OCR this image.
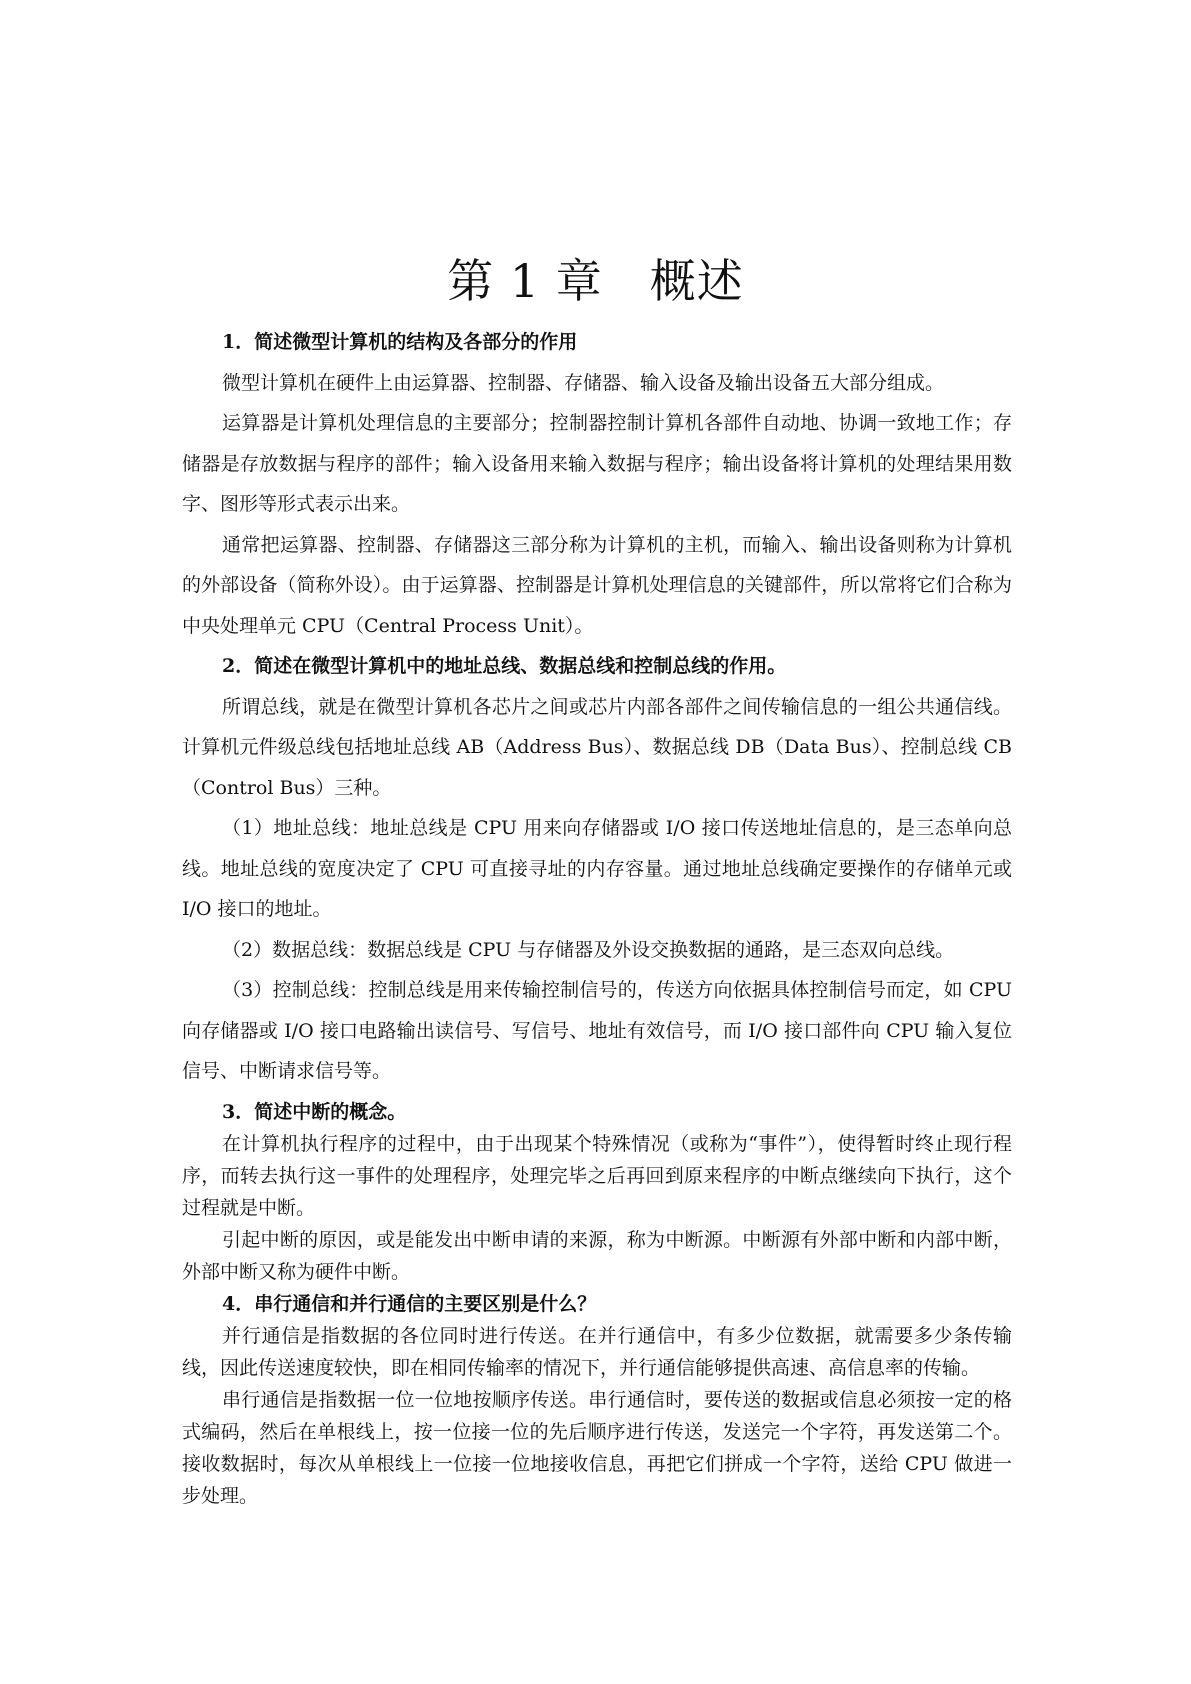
第 1 章　概述

1．简述微型计算机的结构及各部分的作用

微型计算机在硬件上由运算器、控制器、存储器、输入设备及输出设备五大部分组成。

运算器是计算机处理信息的主要部分；控制器控制计算机各部件自动地、协调一致地工作；存储器是存放数据与程序的部件；输入设备用来输入数据与程序；输出设备将计算机的处理结果用数字、图形等形式表示出来。

通常把运算器、控制器、存储器这三部分称为计算机的主机，而输入、输出设备则称为计算机的外部设备（简称外设）。由于运算器、控制器是计算机处理信息的关键部件，所以常将它们合称为中央处理单元 CPU（Central Process Unit）。

2．简述在微型计算机中的地址总线、数据总线和控制总线的作用。

所谓总线，就是在微型计算机各芯片之间或芯片内部各部件之间传输信息的一组公共通信线。计算机元件级总线包括地址总线 AB（Address Bus）、数据总线 DB（Data Bus）、控制总线 CB（Control Bus）三种。

（1）地址总线：地址总线是 CPU 用来向存储器或 I/O 接口传送地址信息的，是三态单向总线。地址总线的宽度决定了 CPU 可直接寻址的内存容量。通过地址总线确定要操作的存储单元或 I/O 接口的地址。

（2）数据总线：数据总线是 CPU 与存储器及外设交换数据的通路，是三态双向总线。

（3）控制总线：控制总线是用来传输控制信号的，传送方向依据具体控制信号而定，如 CPU 向存储器或 I/O 接口电路输出读信号、写信号、地址有效信号，而 I/O 接口部件向 CPU 输入复位信号、中断请求信号等。

3．简述中断的概念。

在计算机执行程序的过程中，由于出现某个特殊情况（或称为“事件”），使得暂时终止现行程序，而转去执行这一事件的处理程序，处理完毕之后再回到原来程序的中断点继续向下执行，这个过程就是中断。

引起中断的原因，或是能发出中断申请的来源，称为中断源。中断源有外部中断和内部中断，外部中断又称为硬件中断。

4．串行通信和并行通信的主要区别是什么？

并行通信是指数据的各位同时进行传送。在并行通信中，有多少位数据，就需要多少条传输线，因此传送速度较快，即在相同传输率的情况下，并行通信能够提供高速、高信息率的传输。

串行通信是指数据一位一位地按顺序传送。串行通信时，要传送的数据或信息必须按一定的格式编码，然后在单根线上，按一位接一位的先后顺序进行传送，发送完一个字符，再发送第二个。接收数据时，每次从单根线上一位接一位地接收信息，再把它们拼成一个字符，送给 CPU 做进一步处理。
